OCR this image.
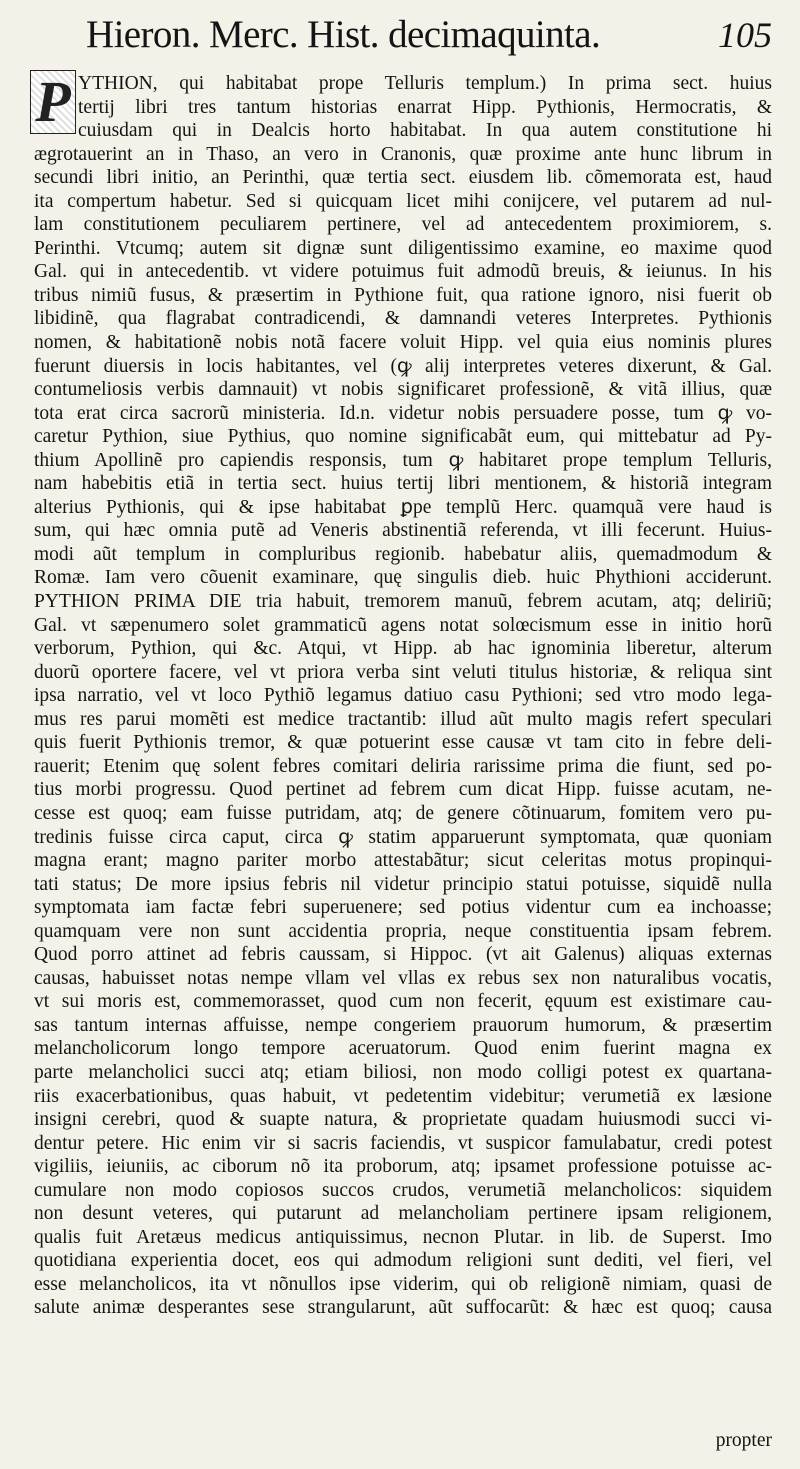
Hieron. Merc. Hist. decimaquinta.	105
P YTHION, qui habitabat prope Telluris templum.) In prima sect. huius
tertij libri tres tantum historias enarrat Hipp. Pythionis, Hermocratis, &
cuiusdam qui in Dealcis horto habitabat. In qua autem constitutione hi
ægrotauerint an in Thaso, an vero in Cranonis, quæ proxime ante hunc librum in
secundi libri initio, an Perinthi, quæ tertia sect. eiusdem lib. cõmemorata est, haud
ita compertum habetur. Sed si quicquam licet mihi conijcere, vel putarem ad nul-
lam constitutionem peculiarem pertinere, vel ad antecedentem proximiorem, s.
Perinthi. Vtcumq; autem sit dignæ sunt diligentissimo examine, eo maxime quod
Gal. qui in antecedentib. vt videre potuimus fuit admodũ breuis, & ieiunus. In his
tribus nimiũ fusus, & præsertim in Pythione fuit, qua ratione ignoro, nisi fuerit ob
libidinẽ, qua flagrabat contradicendi, & damnandi veteres Interpretes. Pythionis
nomen, & habitationẽ nobis notã facere voluit Hipp. vel quia eius nominis plures
fuerunt diuersis in locis habitantes, vel (ꝙ alij interpretes veteres dixerunt, & Gal.
contumeliosis verbis damnauit) vt nobis significaret professionẽ, & vitã illius, quæ
tota erat circa sacrorũ ministeria. Id.n. videtur nobis persuadere posse, tum ꝙ vo-
caretur Pythion, siue Pythius, quo nomine significabãt eum, qui mittebatur ad Py-
thium Apollinẽ pro capiendis responsis, tum ꝙ habitaret prope templum Telluris,
nam habebitis etiã in tertia sect. huius tertij libri mentionem, & historiã integram
alterius Pythionis, qui & ipse habitabat ꝑpe templũ Herc. quamquã vere haud is
sum, qui hæc omnia putẽ ad Veneris abstinentiã referenda, vt illi fecerunt. Huius-
modi aũt templum in compluribus regionib. habebatur aliis, quemadmodum &
Romæ. Iam vero cõuenit examinare, quę singulis dieb. huic Phythioni acciderunt.
PYTHION PRIMA DIE tria habuit, tremorem manuũ, febrem acutam, atq; deliriũ;
Gal. vt sæpenumero solet grammaticũ agens notat solœcismum esse in initio horũ
verborum, Pythion, qui &c. Atqui, vt Hipp. ab hac ignominia liberetur, alterum
duorũ oportere facere, vel vt priora verba sint veluti titulus historiæ, & reliqua sint
ipsa narratio, vel vt loco Pythiõ legamus datiuo casu Pythioni; sed vtro modo lega-
mus res parui momẽti est medice tractantib: illud aũt multo magis refert speculari
quis fuerit Pythionis tremor, & quæ potuerint esse causæ vt tam cito in febre deli-
rauerit; Etenim quę solent febres comitari deliria rarissime prima die fiunt, sed po-
tius morbi progressu. Quod pertinet ad febrem cum dicat Hipp. fuisse acutam, ne-
cesse est quoq; eam fuisse putridam, atq; de genere cõtinuarum, fomitem vero pu-
tredinis fuisse circa caput, circa ꝙ statim apparuerunt symptomata, quæ quoniam
magna erant; magno pariter morbo attestabãtur; sicut celeritas motus propinqui-
tati status; De more ipsius febris nil videtur principio statui potuisse, siquidẽ nulla
symptomata iam factæ febri superuenere; sed potius videntur cum ea inchoasse;
quamquam vere non sunt accidentia propria, neque constituentia ipsam febrem.
Quod porro attinet ad febris caussam, si Hippoc. (vt ait Galenus) aliquas externas
causas, habuisset notas nempe vllam vel vllas ex rebus sex non naturalibus vocatis,
vt sui moris est, commemorasset, quod cum non fecerit, ęquum est existimare cau-
sas tantum internas affuisse, nempe congeriem prauorum humorum, & præsertim
melancholicorum longo tempore aceruatorum. Quod enim fuerint magna ex
parte melancholici succi atq; etiam biliosi, non modo colligi potest ex quartana-
riis exacerbationibus, quas habuit, vt pedetentim videbitur; verumetiã ex læsione
insigni cerebri, quod & suapte natura, & proprietate quadam huiusmodi succi vi-
dentur petere. Hic enim vir si sacris faciendis, vt suspicor famulabatur, credi potest
vigiliis, ieiuniis, ac ciborum nõ ita proborum, atq; ipsamet professione potuisse ac-
cumulare non modo copiosos succos crudos, verumetiã melancholicos: siquidem
non desunt veteres, qui putarunt ad melancholiam pertinere ipsam religionem,
qualis fuit Aretæus medicus antiquissimus, necnon Plutar. in lib. de Superst. Imo
quotidiana experientia docet, eos qui admodum religioni sunt dediti, vel fieri, vel
esse melancholicos, ita vt nõnullos ipse viderim, qui ob religionẽ nimiam, quasi de
salute animæ desperantes sese strangularunt, aũt suffocarũt: & hæc est quoq; causa
propter
